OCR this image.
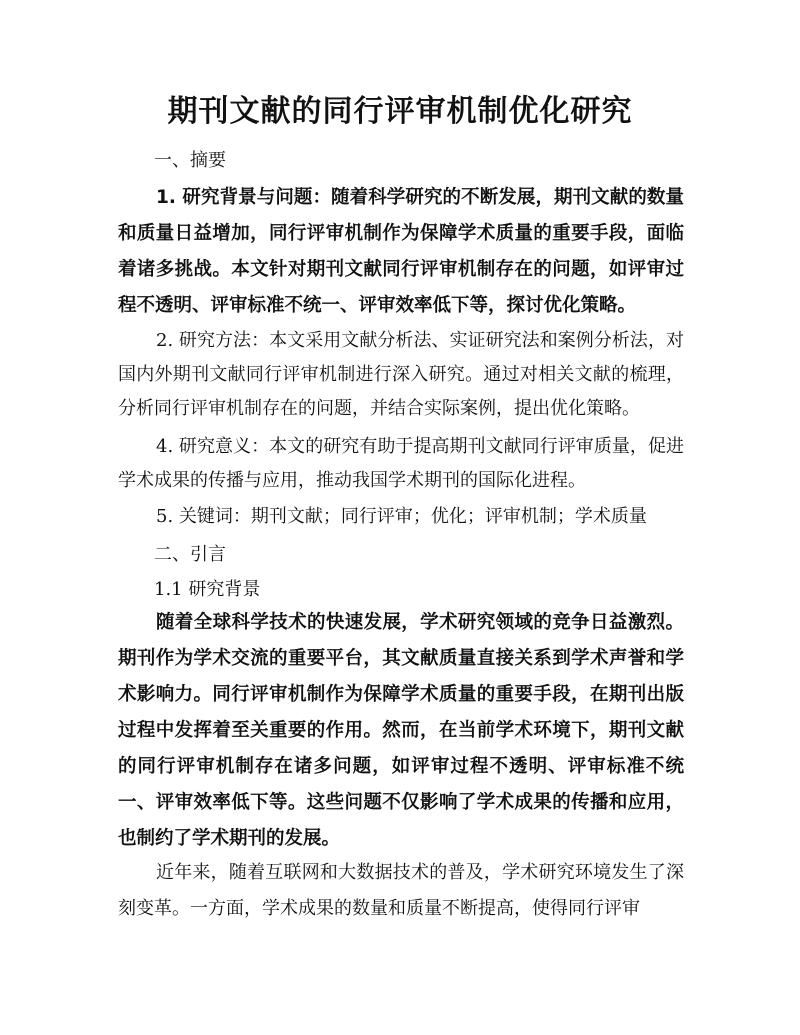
期刊文献的同行评审机制优化研究
一、摘要

1. 研究背景与问题：随着科学研究的不断发展，期刊文献的数量和质量日益增加，同行评审机制作为保障学术质量的重要手段，面临着诸多挑战。本文针对期刊文献同行评审机制存在的问题，如评审过程不透明、评审标准不统一、评审效率低下等，探讨优化策略。

2. 研究方法：本文采用文献分析法、实证研究法和案例分析法，对国内外期刊文献同行评审机制进行深入研究。通过对相关文献的梳理，分析同行评审机制存在的问题，并结合实际案例，提出优化策略。

4. 研究意义：本文的研究有助于提高期刊文献同行评审质量，促进学术成果的传播与应用，推动我国学术期刊的国际化进程。

5. 关键词：期刊文献；同行评审；优化；评审机制；学术质量

二、引言
1.1 研究背景

随着全球科学技术的快速发展，学术研究领域的竞争日益激烈。期刊作为学术交流的重要平台，其文献质量直接关系到学术声誉和学术影响力。同行评审机制作为保障学术质量的重要手段，在期刊出版过程中发挥着至关重要的作用。然而，在当前学术环境下，期刊文献的同行评审机制存在诸多问题，如评审过程不透明、评审标准不统一、评审效率低下等。这些问题不仅影响了学术成果的传播和应用，也制约了学术期刊的发展。

近年来，随着互联网和大数据技术的普及，学术研究环境发生了深刻变革。一方面，学术成果的数量和质量不断提高，使得同行评审
